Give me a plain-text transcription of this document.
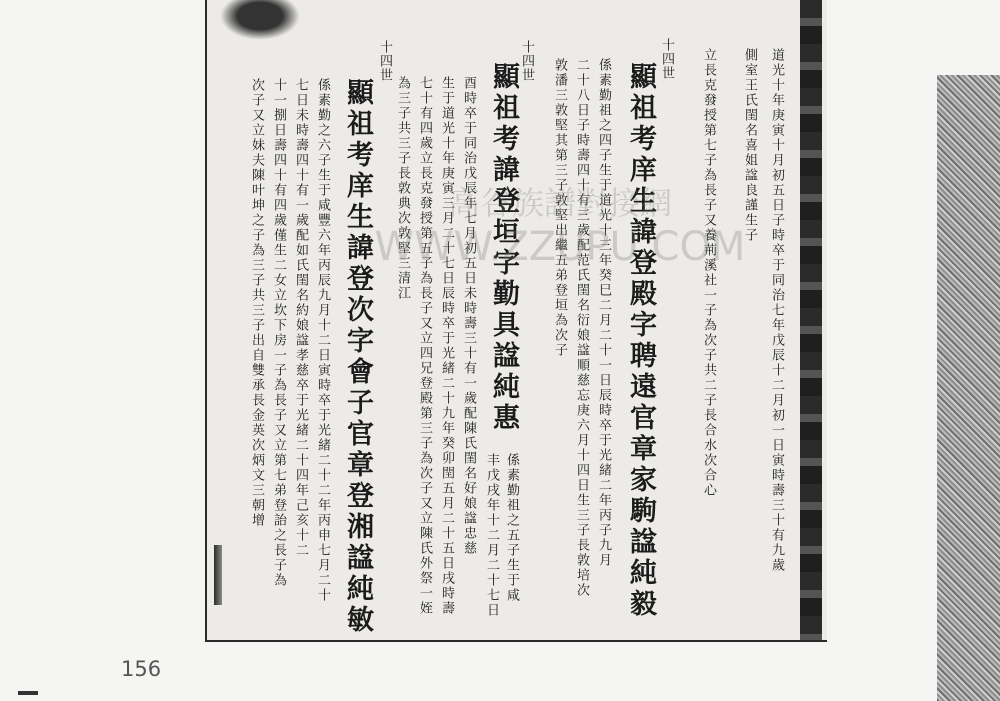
道光十年庚寅十月初五日子時卒于同治七年戊辰十二月初一日寅時壽三十有九歲
側室王氏閨名喜姐諡良謹生子
立長克發授第七子為長子又養荊溪社一子為次子共二子長合水次合心
十四世
顯祖考庠生諱登殿字聘遠官章家駒諡純毅
係素勤祖之四子生于道光十三年癸巳二月二十一日辰時卒于光緒二年丙子九月
二十八日子時壽四十有三歲配范氏閨名衍娘諡順慈忘庚六月十四日生三子長敦培次
敦潘三敦堅其第三子敦堅出繼五弟登垣為次子
十四世
顯祖考諱登垣字勤具諡純惠
係素勤祖之五子生于咸
丰戊戌年十二月二十七日
酉時卒于同治戊辰年七月初五日未時壽三十有一歲配陳氏閨名好娘諡忠慈
生于道光十年庚寅三月二十七日辰時卒于光緒二十九年癸卯閏五月二十五日戌時壽
七十有四歲立長克發授第五子為長子又立四兄登殿第三子為次子又立陳氏外祭一姪
為三子共三子長敦典次敦堅三清江
十四世
顯祖考庠生諱登次字會子官章登湘諡純敏
係素勤之六子生于咸豐六年丙辰九月十二日寅時卒于光緒二十二年丙申七月二十
七日未時壽四十有一歲配如氏閨名約娘諡孝慈卒于光緒二十四年己亥十二
十一捌日壽四十有四歲僅生二女立坎下房一子為長子又立第七弟登詒之長子為
次子又立妹夫陳叶坤之子為三子共三子出自雙承長金英次炳文三朝增	高谷族譜對接網
WWW.ZZUPU.COM
156
